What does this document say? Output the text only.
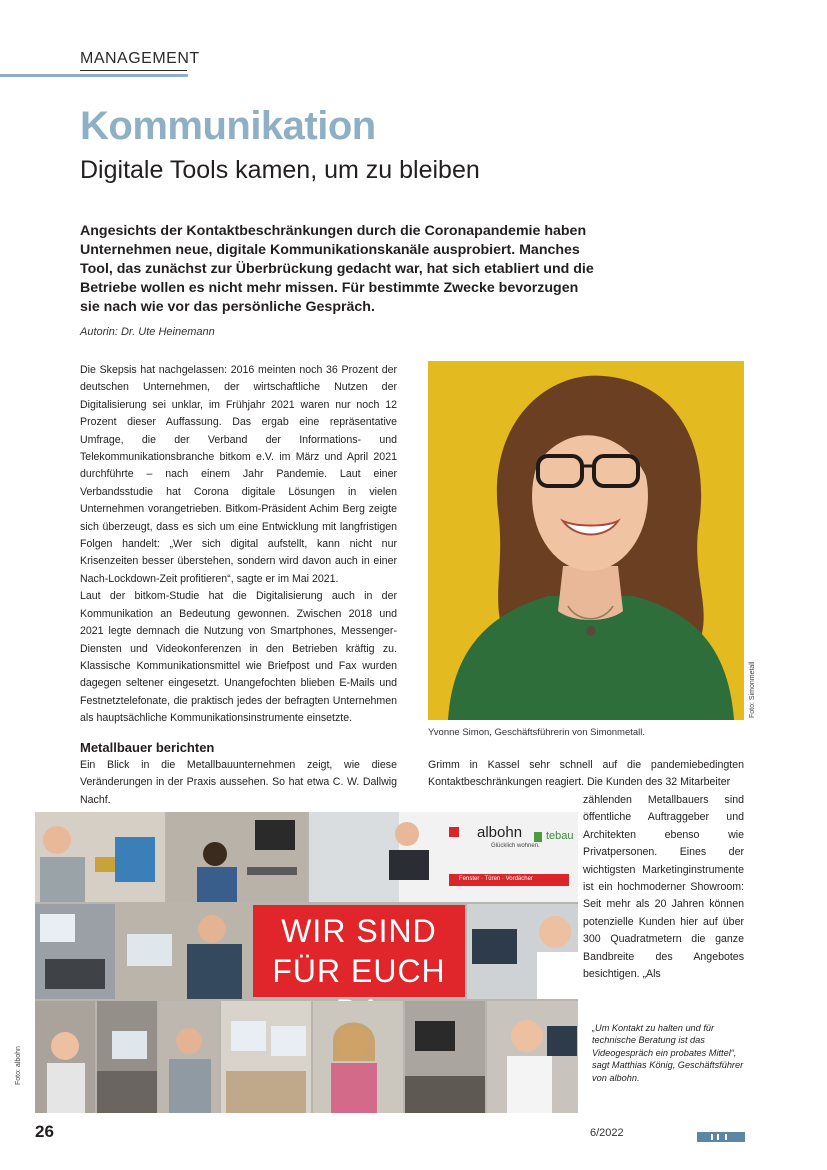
MANAGEMENT
Kommunikation
Digitale Tools kamen, um zu bleiben
Angesichts der Kontaktbeschränkungen durch die Coronapandemie haben Unternehmen neue, digitale Kommunikationskanäle ausprobiert. Manches Tool, das zunächst zur Überbrückung gedacht war, hat sich etabliert und die Betriebe wollen es nicht mehr missen. Für bestimmte Zwecke bevorzugen sie nach wie vor das persönliche Gespräch.
Autorin: Dr. Ute Heinemann

Die Skepsis hat nachgelassen: 2016 meinten noch 36 Prozent der deutschen Unternehmen, der wirtschaftliche Nutzen der Digitalisierung sei unklar, im Frühjahr 2021 waren nur noch 12 Prozent dieser Auffassung. Das ergab eine repräsentative Umfrage, die der Verband der Informations- und Telekommunikationsbranche bitkom e.V. im März und April 2021 durchführte – nach einem Jahr Pandemie. Laut einer Verbandsstudie hat Corona digitale Lösungen in vielen Unternehmen vorangetrieben. Bitkom-Präsident Achim Berg zeigte sich überzeugt, dass es sich um eine Entwicklung mit langfristigen Folgen handelt: „Wer sich digital aufstellt, kann nicht nur Krisenzeiten besser überstehen, sondern wird davon auch in einer Nach-Lockdown-Zeit profitieren“, sagte er im Mai 2021.

Laut der bitkom-Studie hat die Digitalisierung auch in der Kommunikation an Bedeutung gewonnen. Zwischen 2018 und 2021 legte demnach die Nutzung von Smartphones, Messenger-Diensten und Videokonferenzen in den Betrieben kräftig zu. Klassische Kommunikationsmittel wie Briefpost und Fax wurden dagegen seltener eingesetzt. Unangefochten blieben E-Mails und Festnetztelefonate, die praktisch jedes der befragten Unternehmen als hauptsächliche Kommunikationsinstrumente einsetzte.

Metallbauer berichten
Ein Blick in die Metallbauunternehmen zeigt, wie diese Veränderungen in der Praxis aussehen. So hat etwa C. W. Dallwig Nachf.
Grimm in Kassel sehr schnell auf die pandemiebedingten Kontaktbeschränkungen reagiert. Die Kunden des 32 Mitarbeiter
zählenden Metallbauers sind öffentliche Auftraggeber und Architekten ebenso wie Privatpersonen. Eines der wichtigsten Marketinginstrumente ist ein hochmoderner Showroom: Seit mehr als 20 Jahren können potenzielle Kunden hier auf über 300 Quadratmetern die ganze Bandbreite des Angebotes besichtigen. „Als
Foto: Simonmetall
Yvonne Simon, Geschäftsführerin von Simonmetall.
albohn
Glücklich wohnen.
tebau
Fenster · Türen · Vordächer
WIR SIND
FÜR EUCH
Foto: albohn
„Um Kontakt zu halten und für technische Beratung ist das Videogespräch ein probates Mittel“, sagt Matthias König, Geschäftsführer von albohn.
26	6/2022
